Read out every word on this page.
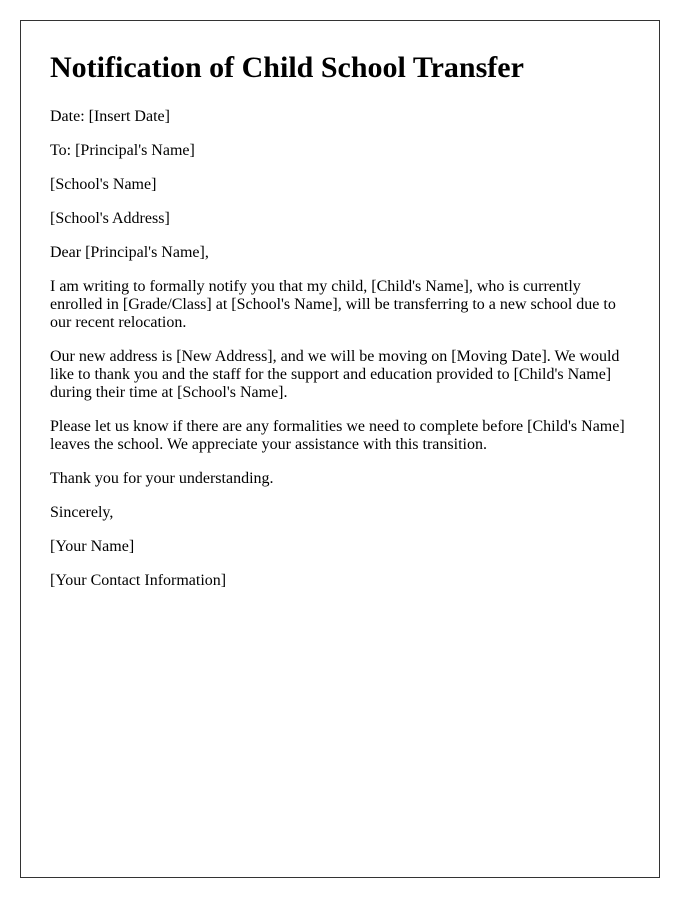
Notification of Child School Transfer

Date: [Insert Date]

To: [Principal's Name]

[School's Name]

[School's Address]

Dear [Principal's Name],

I am writing to formally notify you that my child, [Child's Name], who is currently

enrolled in [Grade/Class] at [School's Name], will be transferring to a new school due to

our recent relocation.

Our new address is [New Address], and we will be moving on [Moving Date]. We would

like to thank you and the staff for the support and education provided to [Child's Name]

during their time at [School's Name].

Please let us know if there are any formalities we need to complete before [Child's Name]

leaves the school. We appreciate your assistance with this transition.

Thank you for your understanding.

Sincerely,

[Your Name]

[Your Contact Information]
